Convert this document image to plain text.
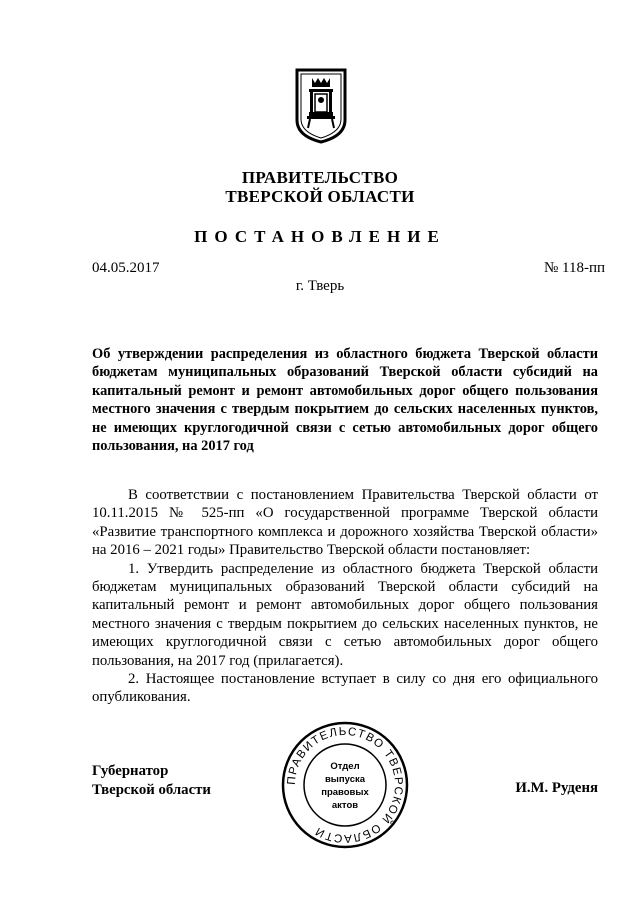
ПРАВИТЕЛЬСТВО
ТВЕРСКОЙ ОБЛАСТИ
ПОСТАНОВЛЕНИЕ
04.05.2017	№ 118-пп
г. Тверь
Об утверждении распределения из областного бюджета Тверской области бюджетам муниципальных образований Тверской области субсидий на капитальный ремонт и ремонт автомобильных дорог общего пользования местного значения с твердым покрытием до сельских населенных пунктов, не имеющих круглогодичной связи с сетью автомобильных дорог общего пользования, на 2017 год

В соответствии с постановлением Правительства Тверской области от 10.11.2015 № 525-пп «О государственной программе Тверской области «Развитие транспортного комплекса и дорожного хозяйства Тверской области» на 2016 – 2021 годы» Правительство Тверской области постановляет:

1. Утвердить распределение из областного бюджета Тверской области бюджетам муниципальных образований Тверской области субсидий на капитальный ремонт и ремонт автомобильных дорог общего пользования местного значения с твердым покрытием до сельских населенных пунктов, не имеющих круглогодичной связи с сетью автомобильных дорог общего пользования, на 2017 год (прилагается).

2. Настоящее постановление вступает в силу со дня его официального опубликования.

Губернатор
Тверской области	И.М. Руденя
ПРАВИТЕЛЬСТВО ТВЕРСКОЙ ОБЛАСТИ
Отдел
выпуска
правовых
актов
